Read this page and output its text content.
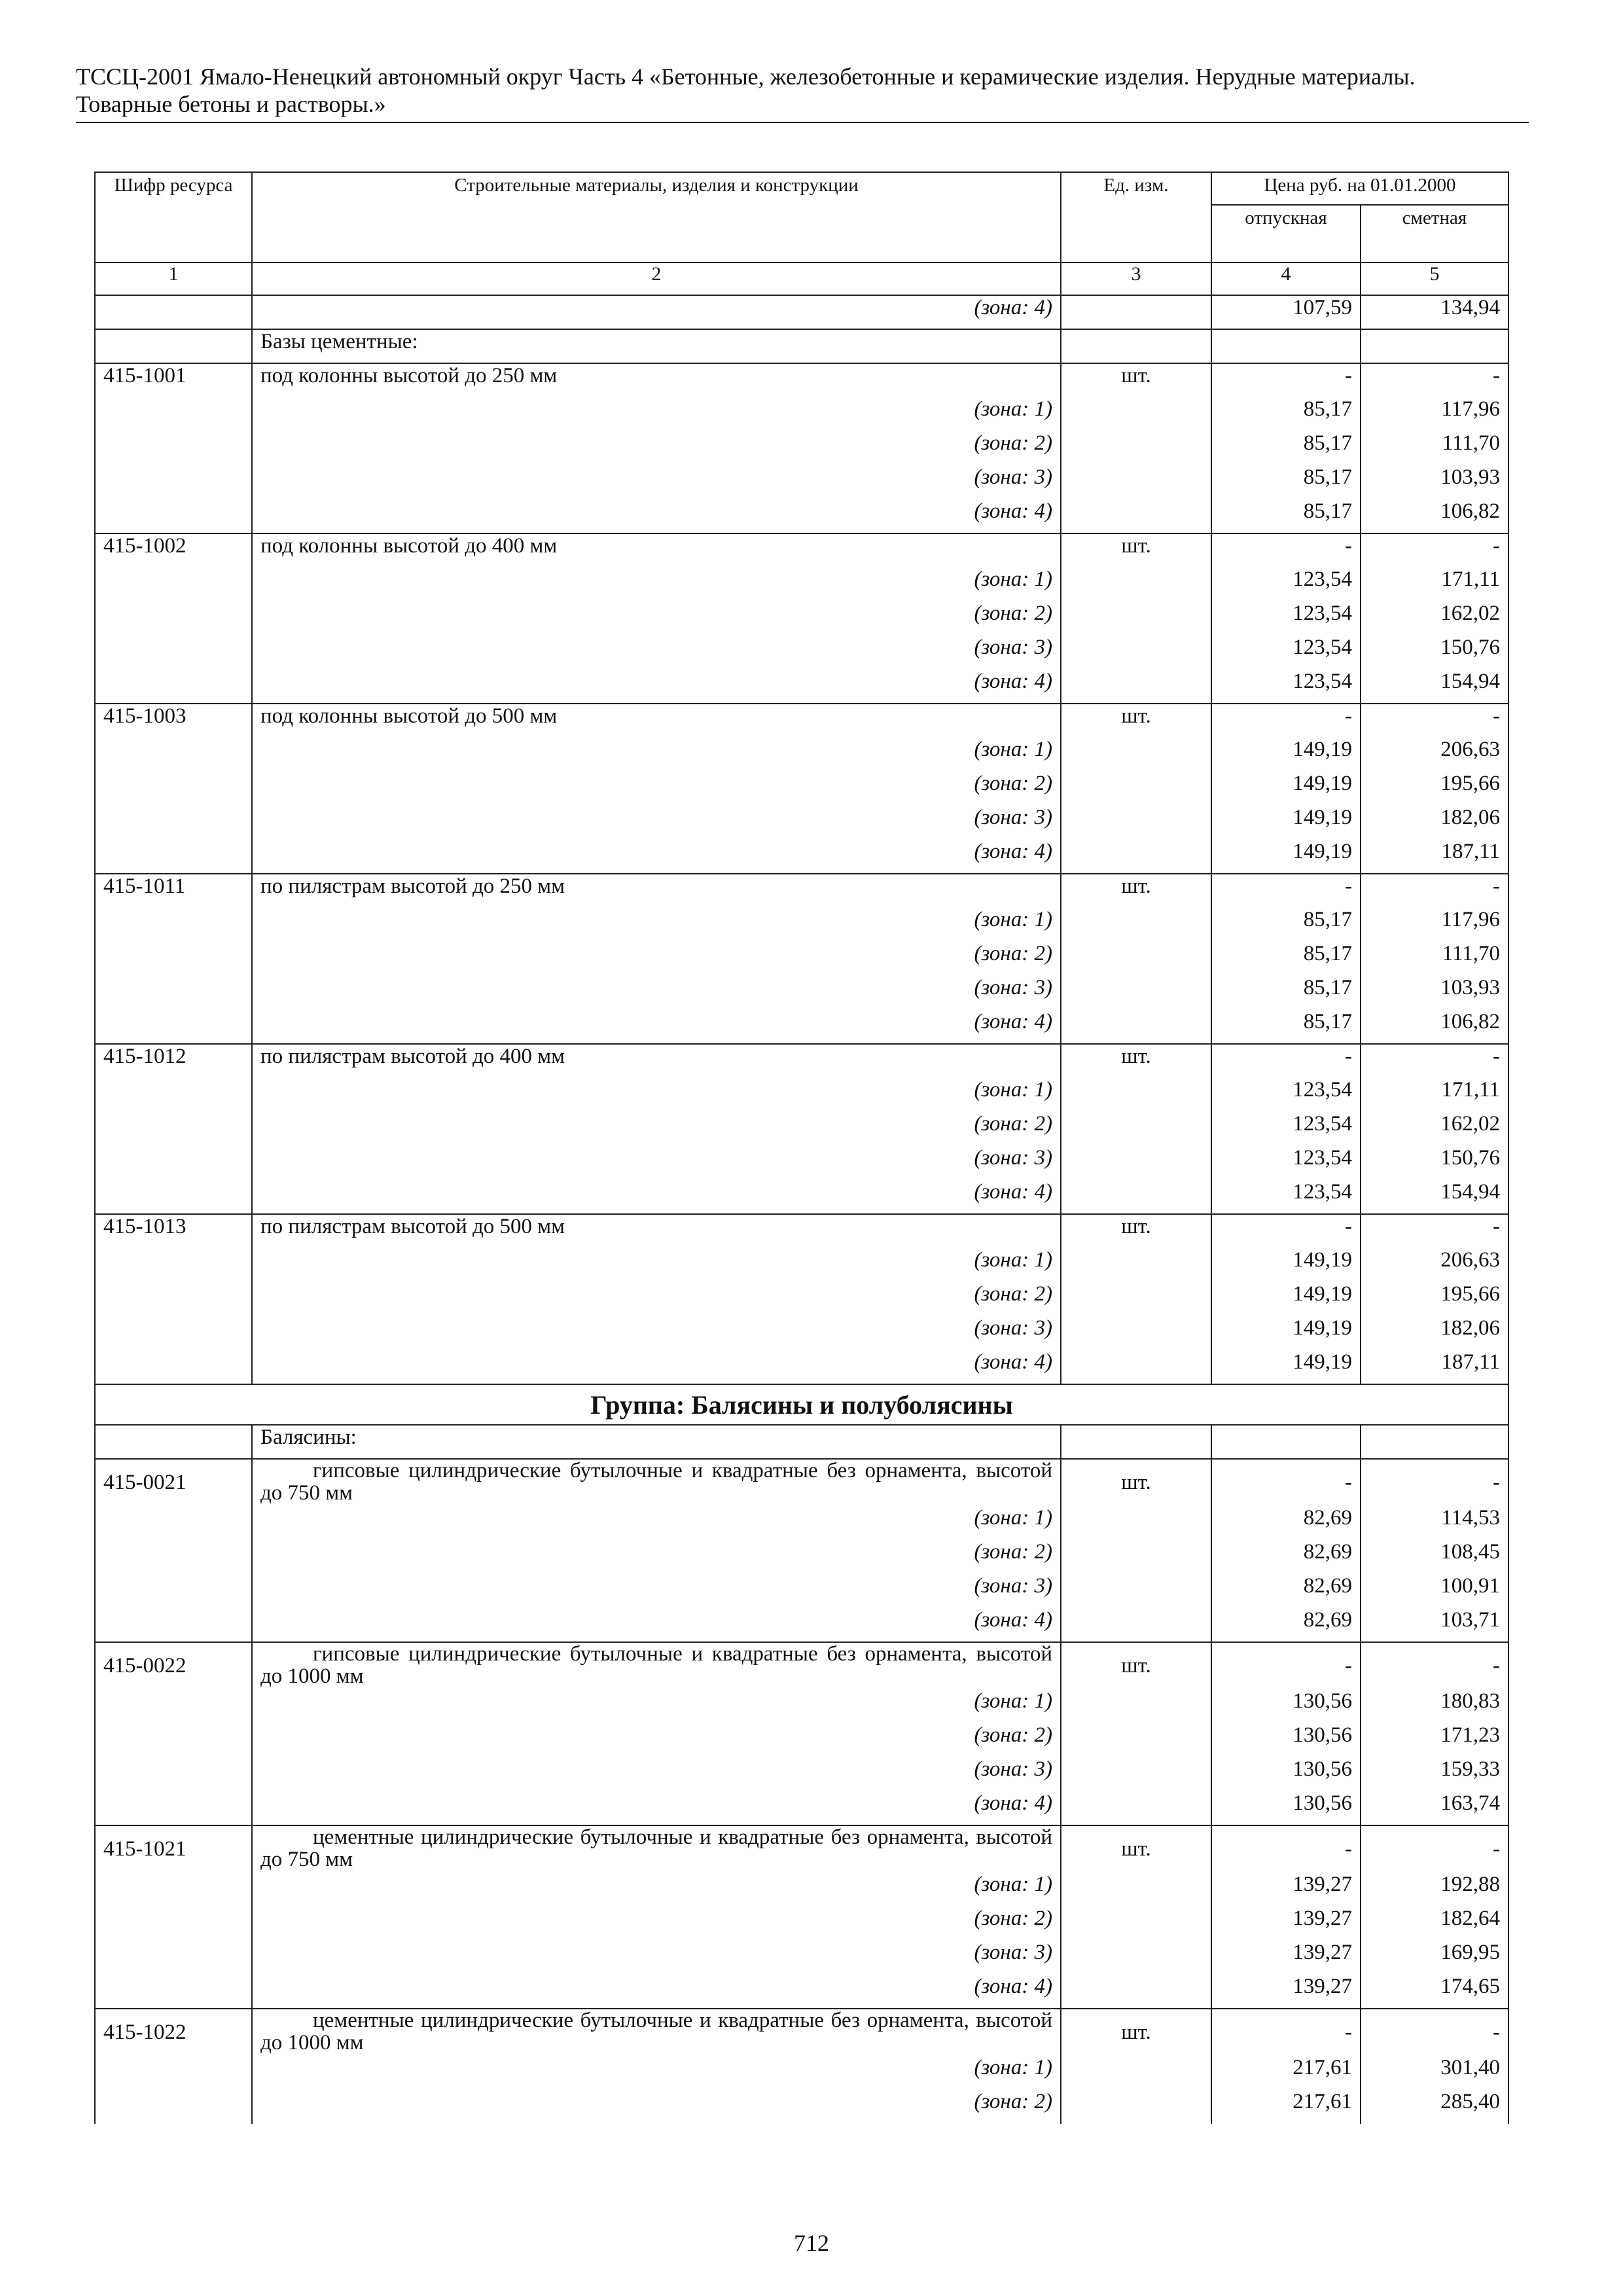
ТССЦ-2001 Ямало-Ненецкий автономный округ Часть 4 «Бетонные, железобетонные и керамические изделия. Нерудные материалы.
Товарные бетоны и растворы.»
Шифр ресурса	Строительные материалы, изделия и конструкции	Ед. изм.	Цена руб. на 01.01.2000	
			отпускная	сметная
1	2	3	4	5
	(зона: 4)		107,59	134,94
	Базы цементные:			
415-1001	под колонны высотой до 250 мм	шт.	-	-
	(зона: 1)		85,17	117,96
	(зона: 2)		85,17	111,70
	(зона: 3)		85,17	103,93
	(зона: 4)		85,17	106,82
415-1002	под колонны высотой до 400 мм	шт.	-	-
	(зона: 1)		123,54	171,11
	(зона: 2)		123,54	162,02
	(зона: 3)		123,54	150,76
	(зона: 4)		123,54	154,94
415-1003	под колонны высотой до 500 мм	шт.	-	-
	(зона: 1)		149,19	206,63
	(зона: 2)		149,19	195,66
	(зона: 3)		149,19	182,06
	(зона: 4)		149,19	187,11
415-1011	по пилястрам высотой до 250 мм	шт.	-	-
	(зона: 1)		85,17	117,96
	(зона: 2)		85,17	111,70
	(зона: 3)		85,17	103,93
	(зона: 4)		85,17	106,82
415-1012	по пилястрам высотой до 400 мм	шт.	-	-
	(зона: 1)		123,54	171,11
	(зона: 2)		123,54	162,02
	(зона: 3)		123,54	150,76
	(зона: 4)		123,54	154,94
415-1013	по пилястрам высотой до 500 мм	шт.	-	-
	(зона: 1)		149,19	206,63
	(зона: 2)		149,19	195,66
	(зона: 3)		149,19	182,06
	(зона: 4)		149,19	187,11
Группа: Балясины и полуболясины				
	Балясины:			
415-0021	гипсовые цилиндрические бутылочные и квадратные без орнамента, высотой до 750 мм	шт.	-	-
	(зона: 1)		82,69	114,53
	(зона: 2)		82,69	108,45
	(зона: 3)		82,69	100,91
	(зона: 4)		82,69	103,71
415-0022	гипсовые цилиндрические бутылочные и квадратные без орнамента, высотой до 1000 мм	шт.	-	-
	(зона: 1)		130,56	180,83
	(зона: 2)		130,56	171,23
	(зона: 3)		130,56	159,33
	(зона: 4)		130,56	163,74
415-1021	цементные цилиндрические бутылочные и квадратные без орнамента, высотой до 750 мм	шт.	-	-
	(зона: 1)		139,27	192,88
	(зона: 2)		139,27	182,64
	(зона: 3)		139,27	169,95
	(зона: 4)		139,27	174,65
415-1022	цементные цилиндрические бутылочные и квадратные без орнамента, высотой до 1000 мм	шт.	-	-
	(зона: 1)		217,61	301,40
	(зона: 2)		217,61	285,40
712
